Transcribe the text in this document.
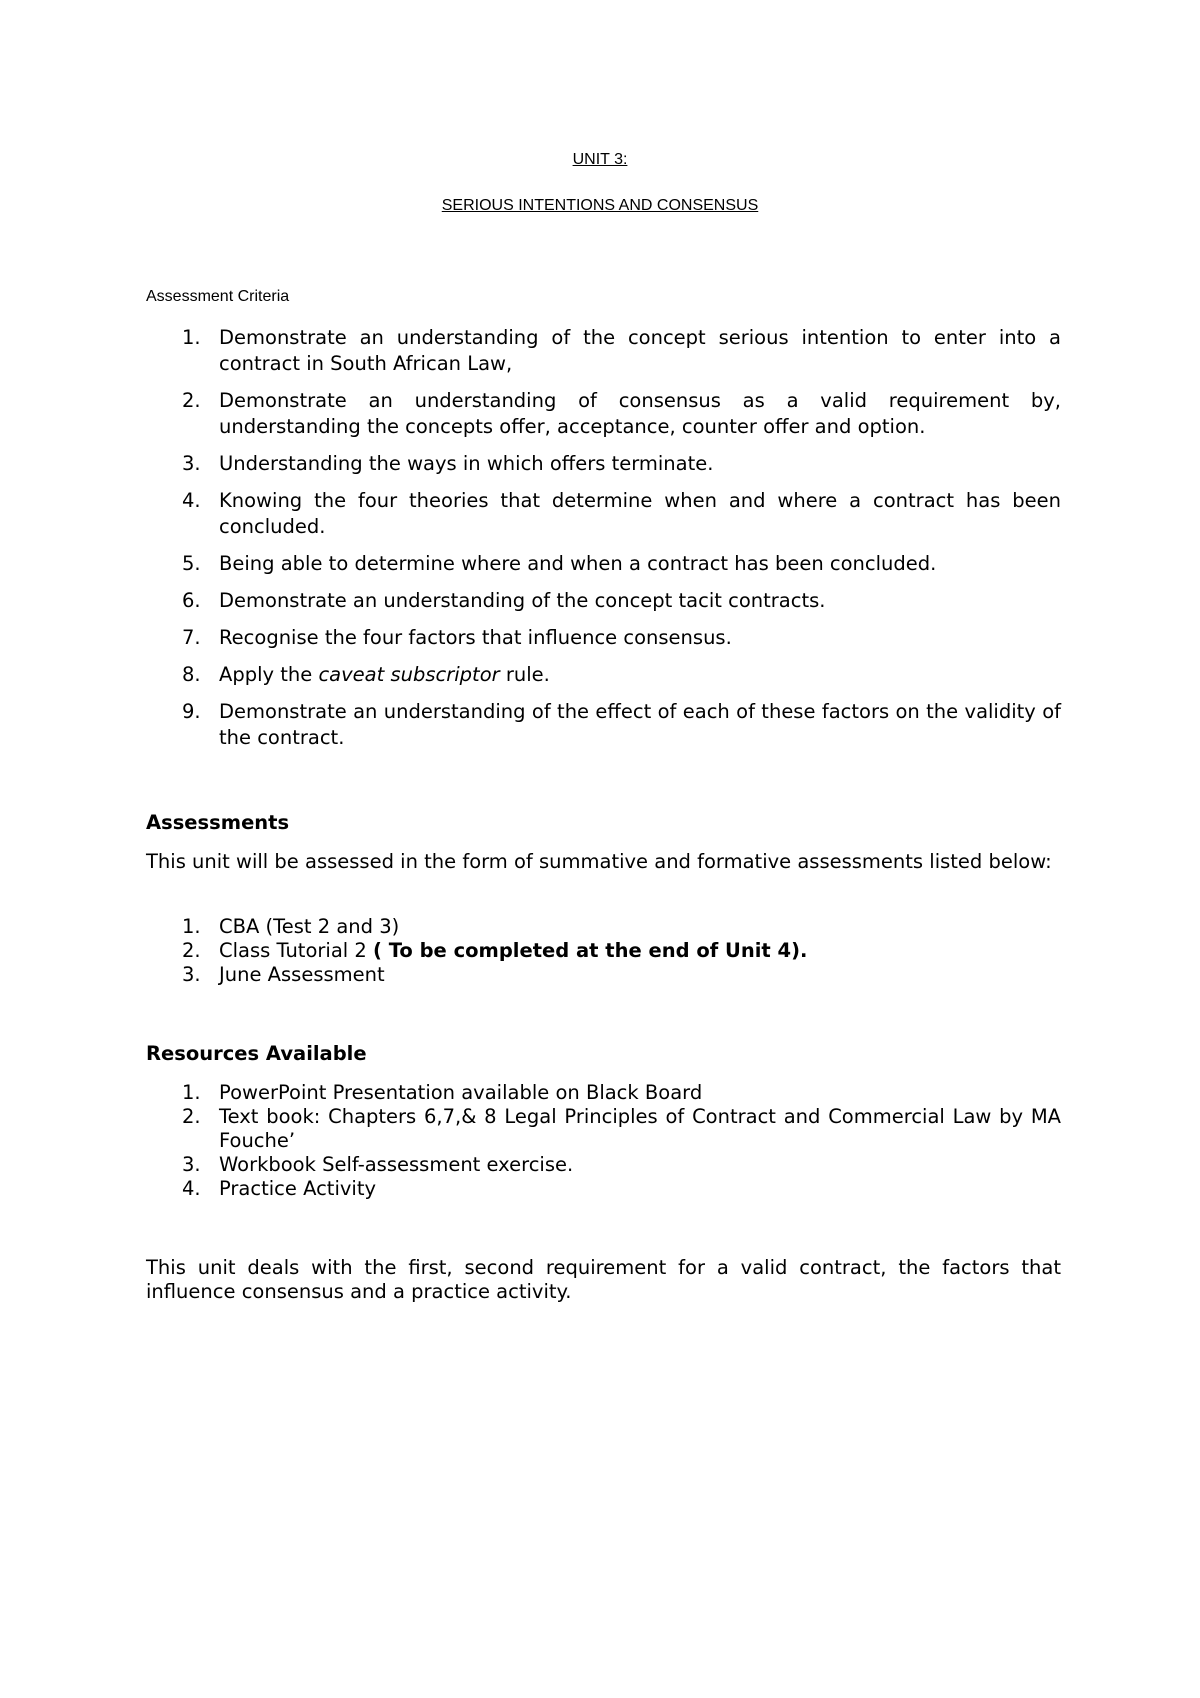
UNIT 3:
SERIOUS INTENTIONS AND CONSENSUS
Assessment Criteria
1. Demonstrate an understanding of the concept serious intention to enter into a contract in South African Law,
2. Demonstrate an understanding of consensus as a valid requirement by, understanding the concepts offer, acceptance, counter offer and option.
3. Understanding the ways in which offers terminate.
4. Knowing the four theories that determine when and where a contract has been concluded.
5. Being able to determine where and when a contract has been concluded.
6. Demonstrate an understanding of the concept tacit contracts.
7. Recognise the four factors that influence consensus.
8. Apply the caveat subscriptor rule.
9. Demonstrate an understanding of the effect of each of these factors on the validity of the contract.
Assessments
This unit will be assessed in the form of summative and formative assessments listed below:
1. CBA (Test 2 and 3)
2. Class Tutorial 2 ( To be completed at the end of Unit 4).
3. June Assessment
Resources Available
1. PowerPoint Presentation available on Black Board
2. Text book: Chapters 6,7,& 8 Legal Principles of Contract and Commercial Law by MA Fouche’
3. Workbook Self-assessment exercise.
4. Practice Activity
This unit deals with the first, second requirement for a valid contract, the factors that influence consensus and a practice activity.
